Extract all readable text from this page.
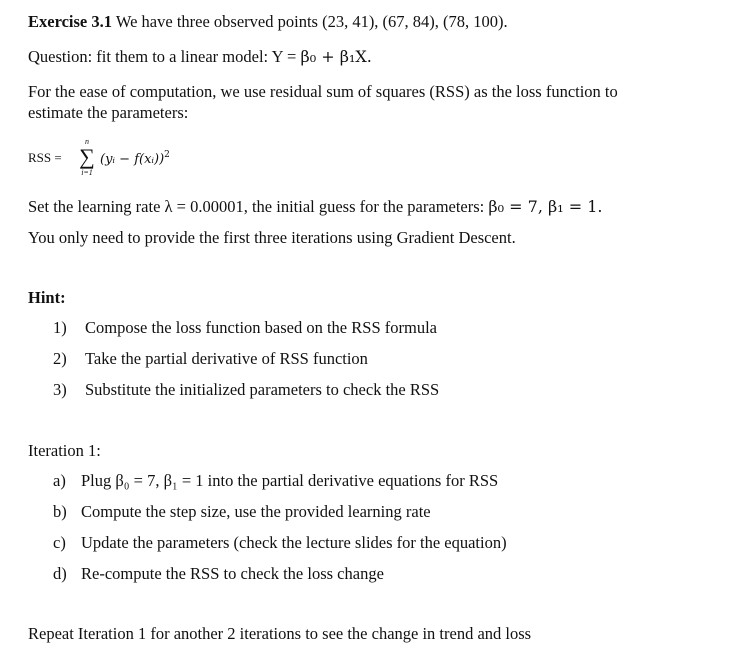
Exercise 3.1 We have three observed points (23, 41), (67, 84), (78, 100).
Question: fit them to a linear model: Y = β₀ + β₁X.
For the ease of computation, we use residual sum of squares (RSS) as the loss function to
estimate the parameters:
RSS =
n
∑
i=1
(yᵢ − f(xᵢ))$^2$
Set the learning rate λ = 0.00001, the initial guess for the parameters: β₀ = 7, β₁ = 1.
You only need to provide the first three iterations using Gradient Descent.
Hint:
1)	Compose the loss function based on the RSS formula
2)	Take the partial derivative of RSS function
3)	Substitute the initialized parameters to check the RSS
Iteration 1:
a) Plug β₀ = 7, β₁ = 1 into the partial derivative equations for RSS
b) Compute the step size, use the provided learning rate
c) Update the parameters (check the lecture slides for the equation)
d) Re-compute the RSS to check the loss change
Repeat Iteration 1 for another 2 iterations to see the change in trend and loss
